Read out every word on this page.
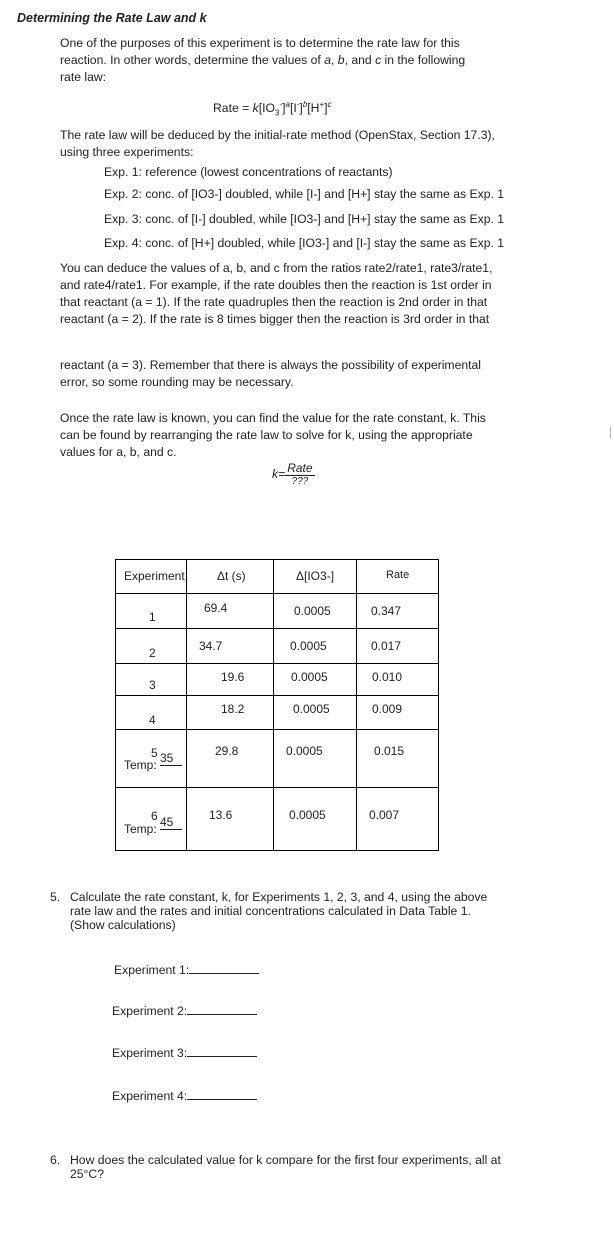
Determining the Rate Law and k
One of the purposes of this experiment is to determine the rate law for this
reaction. In other words, determine the values of a, b, and c in the following
rate law:
Rate = $k[IO_3^-]^a[I^-]^b[H^+]^c$
The rate law will be deduced by the initial-rate method (OpenStax, Section 17.3),
using three experiments:
Exp. 1: reference (lowest concentrations of reactants)
Exp. 2: conc. of [IO3-] doubled, while [I-] and [H+] stay the same as Exp. 1
Exp. 3: conc. of [I-] doubled, while [IO3-] and [H+] stay the same as Exp. 1
Exp. 4: conc. of [H+] doubled, while [IO3-] and [I-] stay the same as Exp. 1
You can deduce the values of a, b, and c from the ratios rate2/rate1, rate3/rate1,
and rate4/rate1. For example, if the rate doubles then the reaction is 1st order in
that reactant (a = 1). If the rate quadruples then the reaction is 2nd order in that
reactant (a = 2). If the rate is 8 times bigger then the reaction is 3rd order in that
reactant (a = 3). Remember that there is always the possibility of experimental
error, so some rounding may be necessary.
Once the rate law is known, you can find the value for the rate constant, k. This
can be found by rearranging the rate law to solve for k, using the appropriate
values for a, b, and c.
$k= \frac{\text{Rate}}{???}$
Experiment	Δt (s)	Δ[IO3-]	Rate

1	69.4	0.0005	0.347

2	34.7	0.0005	0.017

3	19.6	0.0005	0.010

4	18.2	0.0005	0.009

5
Temp: 35	29.8	0.0005	0.015

6
Temp: 45	13.6	0.0005	0.007
5. Calculate the rate constant, k, for Experiments 1, 2, 3, and 4, using the above
rate law and the rates and initial concentrations calculated in Data Table 1.
(Show calculations)
Experiment 1:
Experiment 2:
Experiment 3:
Experiment 4:
6. How does the calculated value for k compare for the first four experiments, all at
25°C?
